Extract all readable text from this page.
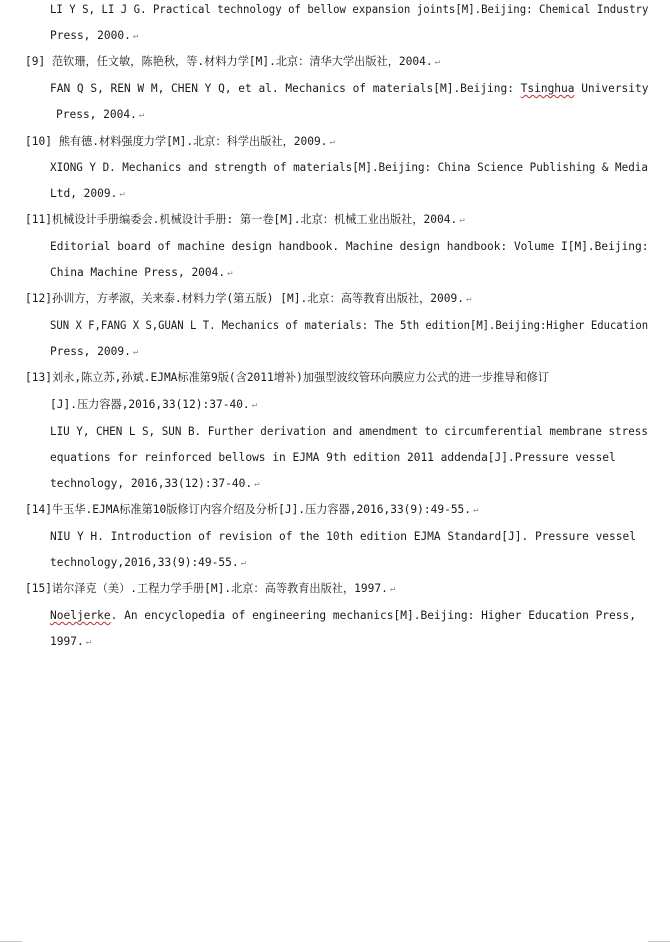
LI Y S, LI J G. Practical technology of bellow expansion joints[M].Beijing: Chemical Industry
Press, 2000. ↵
[9] 范钦珊，任文敏，陈艳秋，等.材料力学[M].北京：清华大学出版社，2004. ↵
FAN Q S, REN W M, CHEN Y Q, et al. Mechanics of materials[M].Beijing: Tsinghua University
Press, 2004. ↵
[10] 熊有德.材料强度力学[M].北京：科学出版社，2009. ↵
XIONG Y D. Mechanics and strength of materials[M].Beijing: China Science Publishing & Media
Ltd, 2009. ↵
[11]机械设计手册编委会.机械设计手册: 第一卷[M].北京：机械工业出版社，2004. ↵
Editorial board of machine design handbook. Machine design handbook: Volume I[M].Beijing:
China Machine Press, 2004. ↵
[12]孙训方，方孝淑，关来泰.材料力学(第五版) [M].北京：高等教育出版社，2009. ↵
SUN X F,FANG X S,GUAN L T. Mechanics of materials: The 5th edition[M].Beijing:Higher Education
Press, 2009. ↵
[13]刘永,陈立苏,孙斌.EJMA标准第9版(含2011增补)加强型波纹管环向膜应力公式的进一步推导和修订
[J].压力容器,2016,33(12):37-40. ↵
LIU Y, CHEN L S, SUN B. Further derivation and amendment to circumferential membrane stress
equations for reinforced bellows in EJMA 9th edition 2011 addenda[J].Pressure vessel
technology, 2016,33(12):37-40. ↵
[14]牛玉华.EJMA标准第10版修订内容介绍及分析[J].压力容器,2016,33(9):49-55. ↵
NIU Y H. Introduction of revision of the 10th edition EJMA Standard[J]. Pressure vessel
technology,2016,33(9):49-55. ↵
[15]诺尔泽克（美）.工程力学手册[M].北京：高等教育出版社，1997. ↵
Noeljerke. An encyclopedia of engineering mechanics[M].Beijing: Higher Education Press,
1997. ↵
